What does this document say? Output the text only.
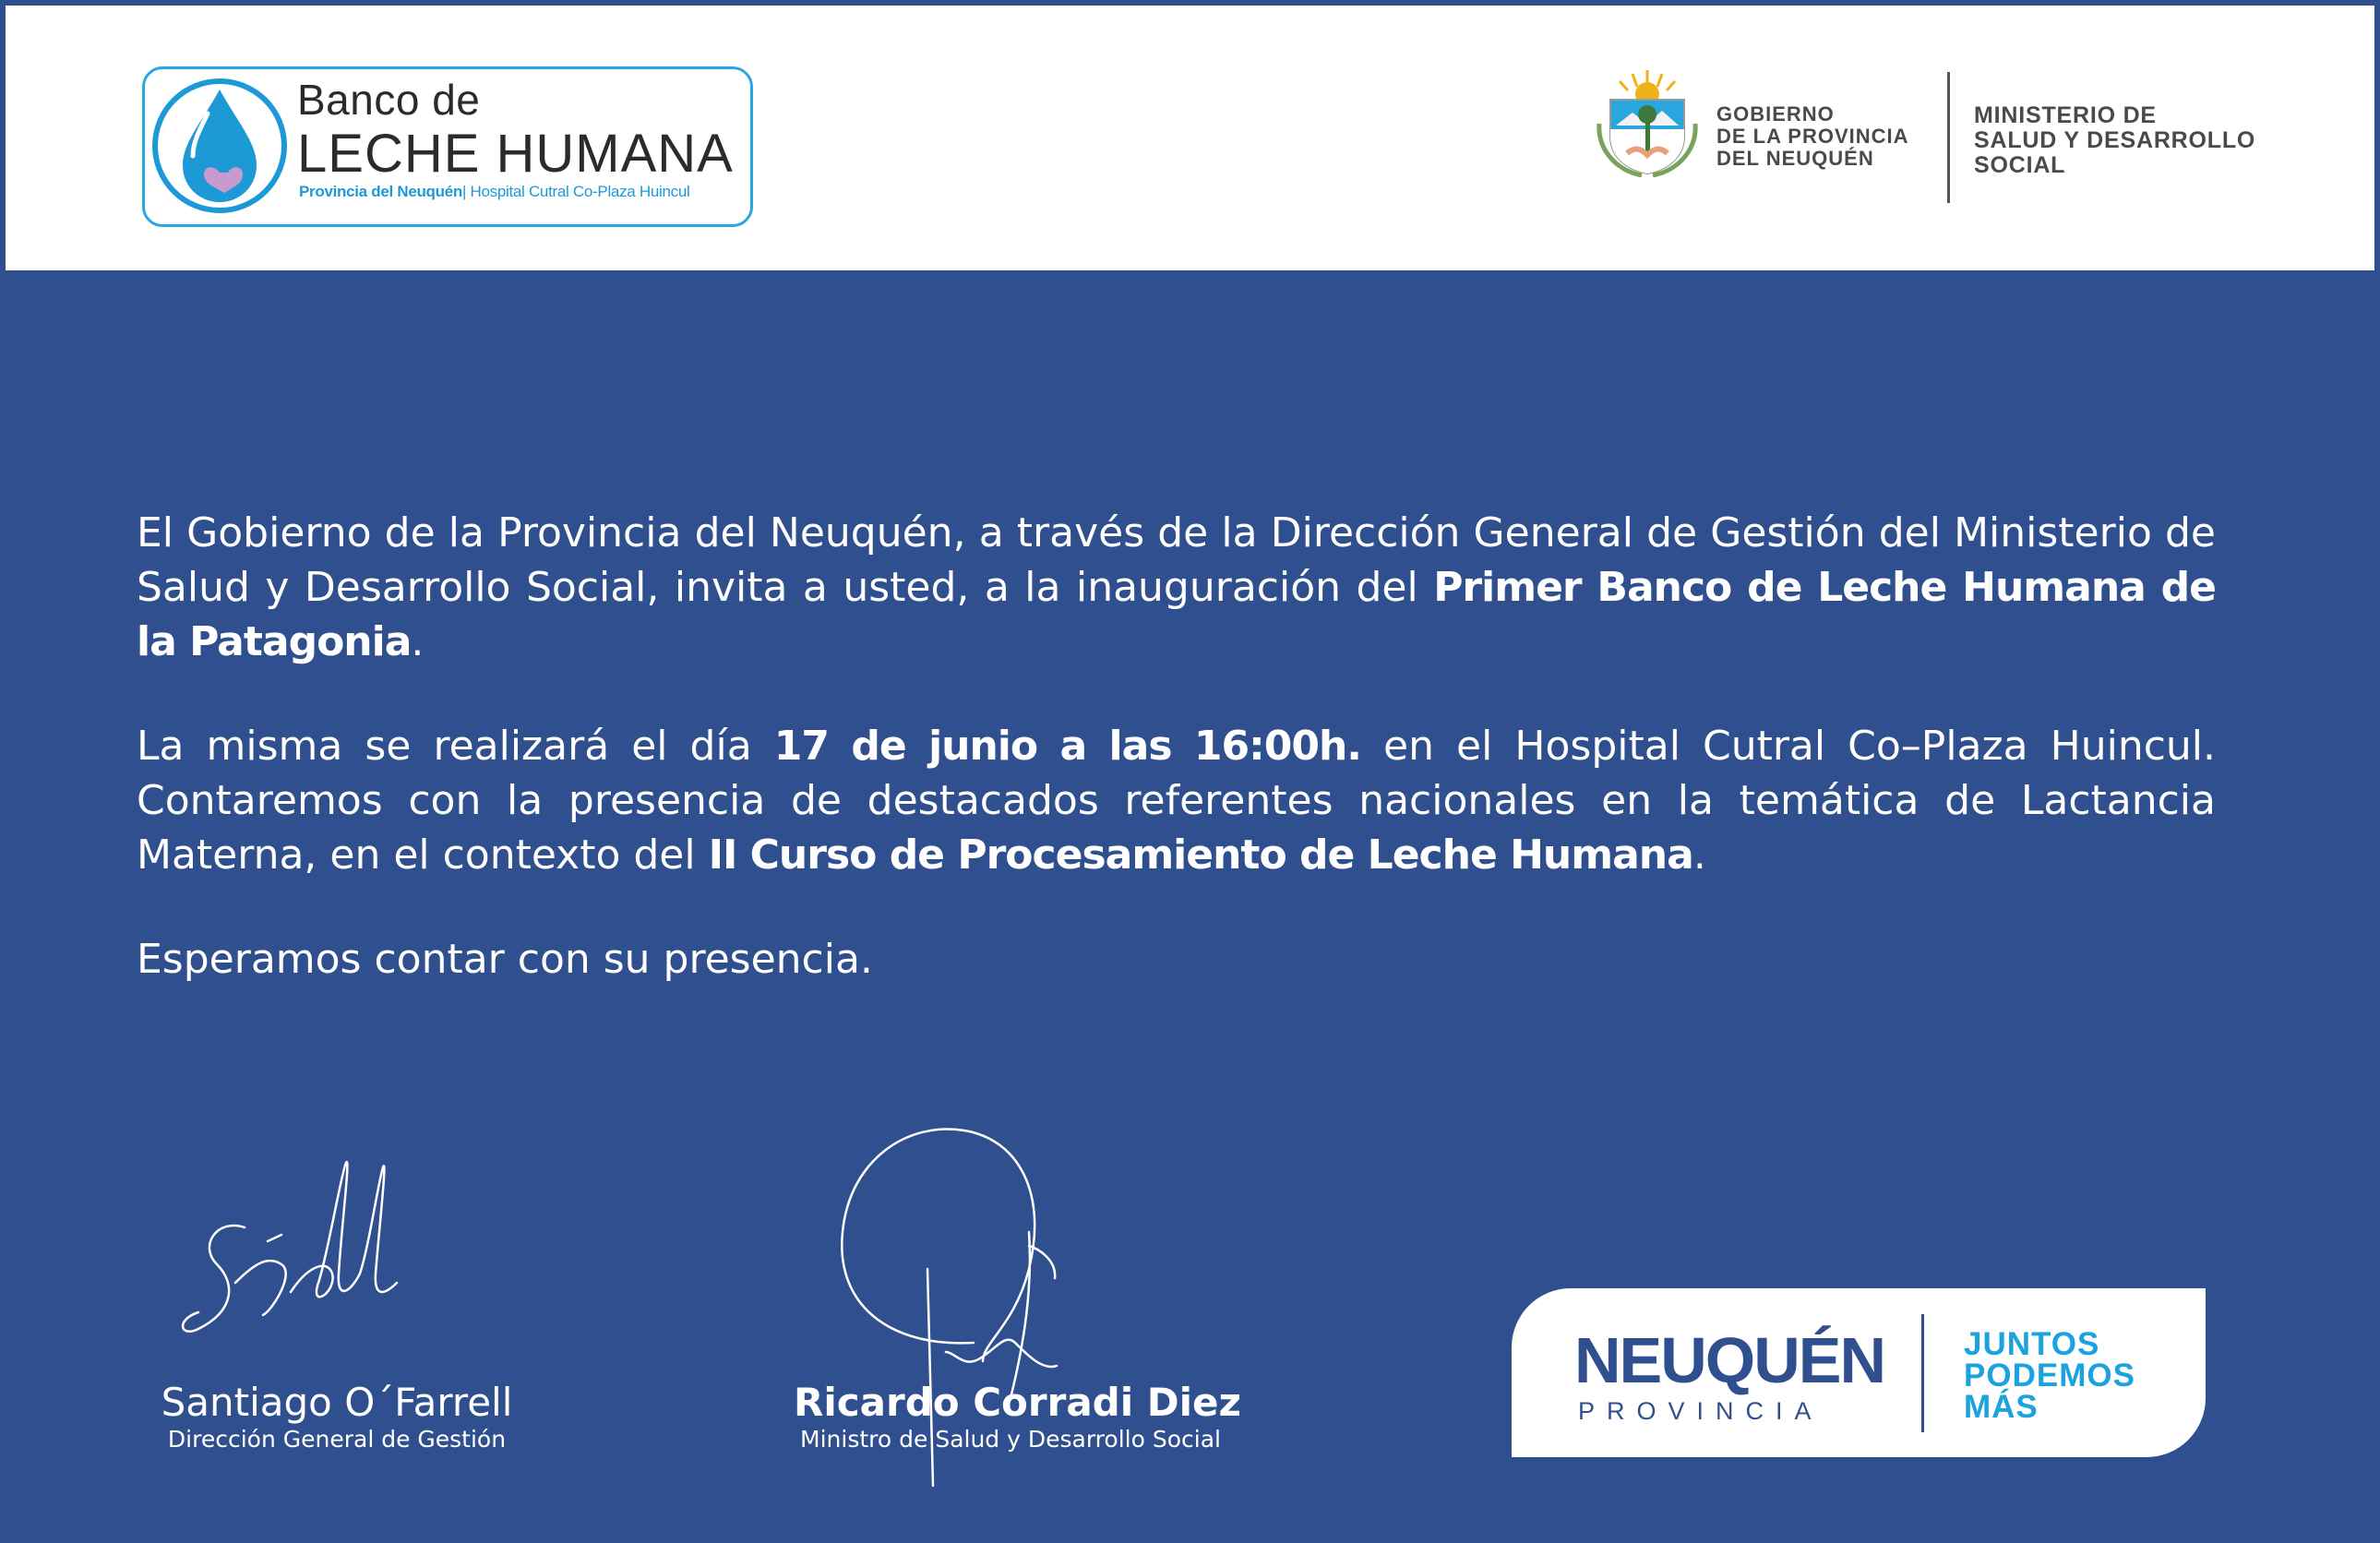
Banco de
LECHE HUMANA
Provincia del Neuquén| Hospital Cutral Co-Plaza Huincul
GOBIERNO
DE LA PROVINCIA
DEL NEUQUÉN
MINISTERIO DE
SALUD Y DESARROLLO
SOCIAL

El Gobierno de la Provincia del Neuquén, a través de la Dirección General de Gestión del Ministerio de Salud y Desarrollo Social, invita a usted, a la inauguración del Primer Banco de Leche Humana de la Patagonia.

La misma se realizará el día 17 de junio a las 16:00h. en el Hospital Cutral Co–Plaza Huincul. Contaremos con la presencia de destacados referentes nacionales en la temática de Lactancia Materna, en el contexto del II Curso de Procesamiento de Leche Humana.

Esperamos contar con su presencia.

Santiago O´Farrell
Dirección General de Gestión
Ricardo Corradi Diez
Ministro de Salud y Desarrollo Social
NEUQUÉN
PROVINCIA
JUNTOS
PODEMOS
MÁS
